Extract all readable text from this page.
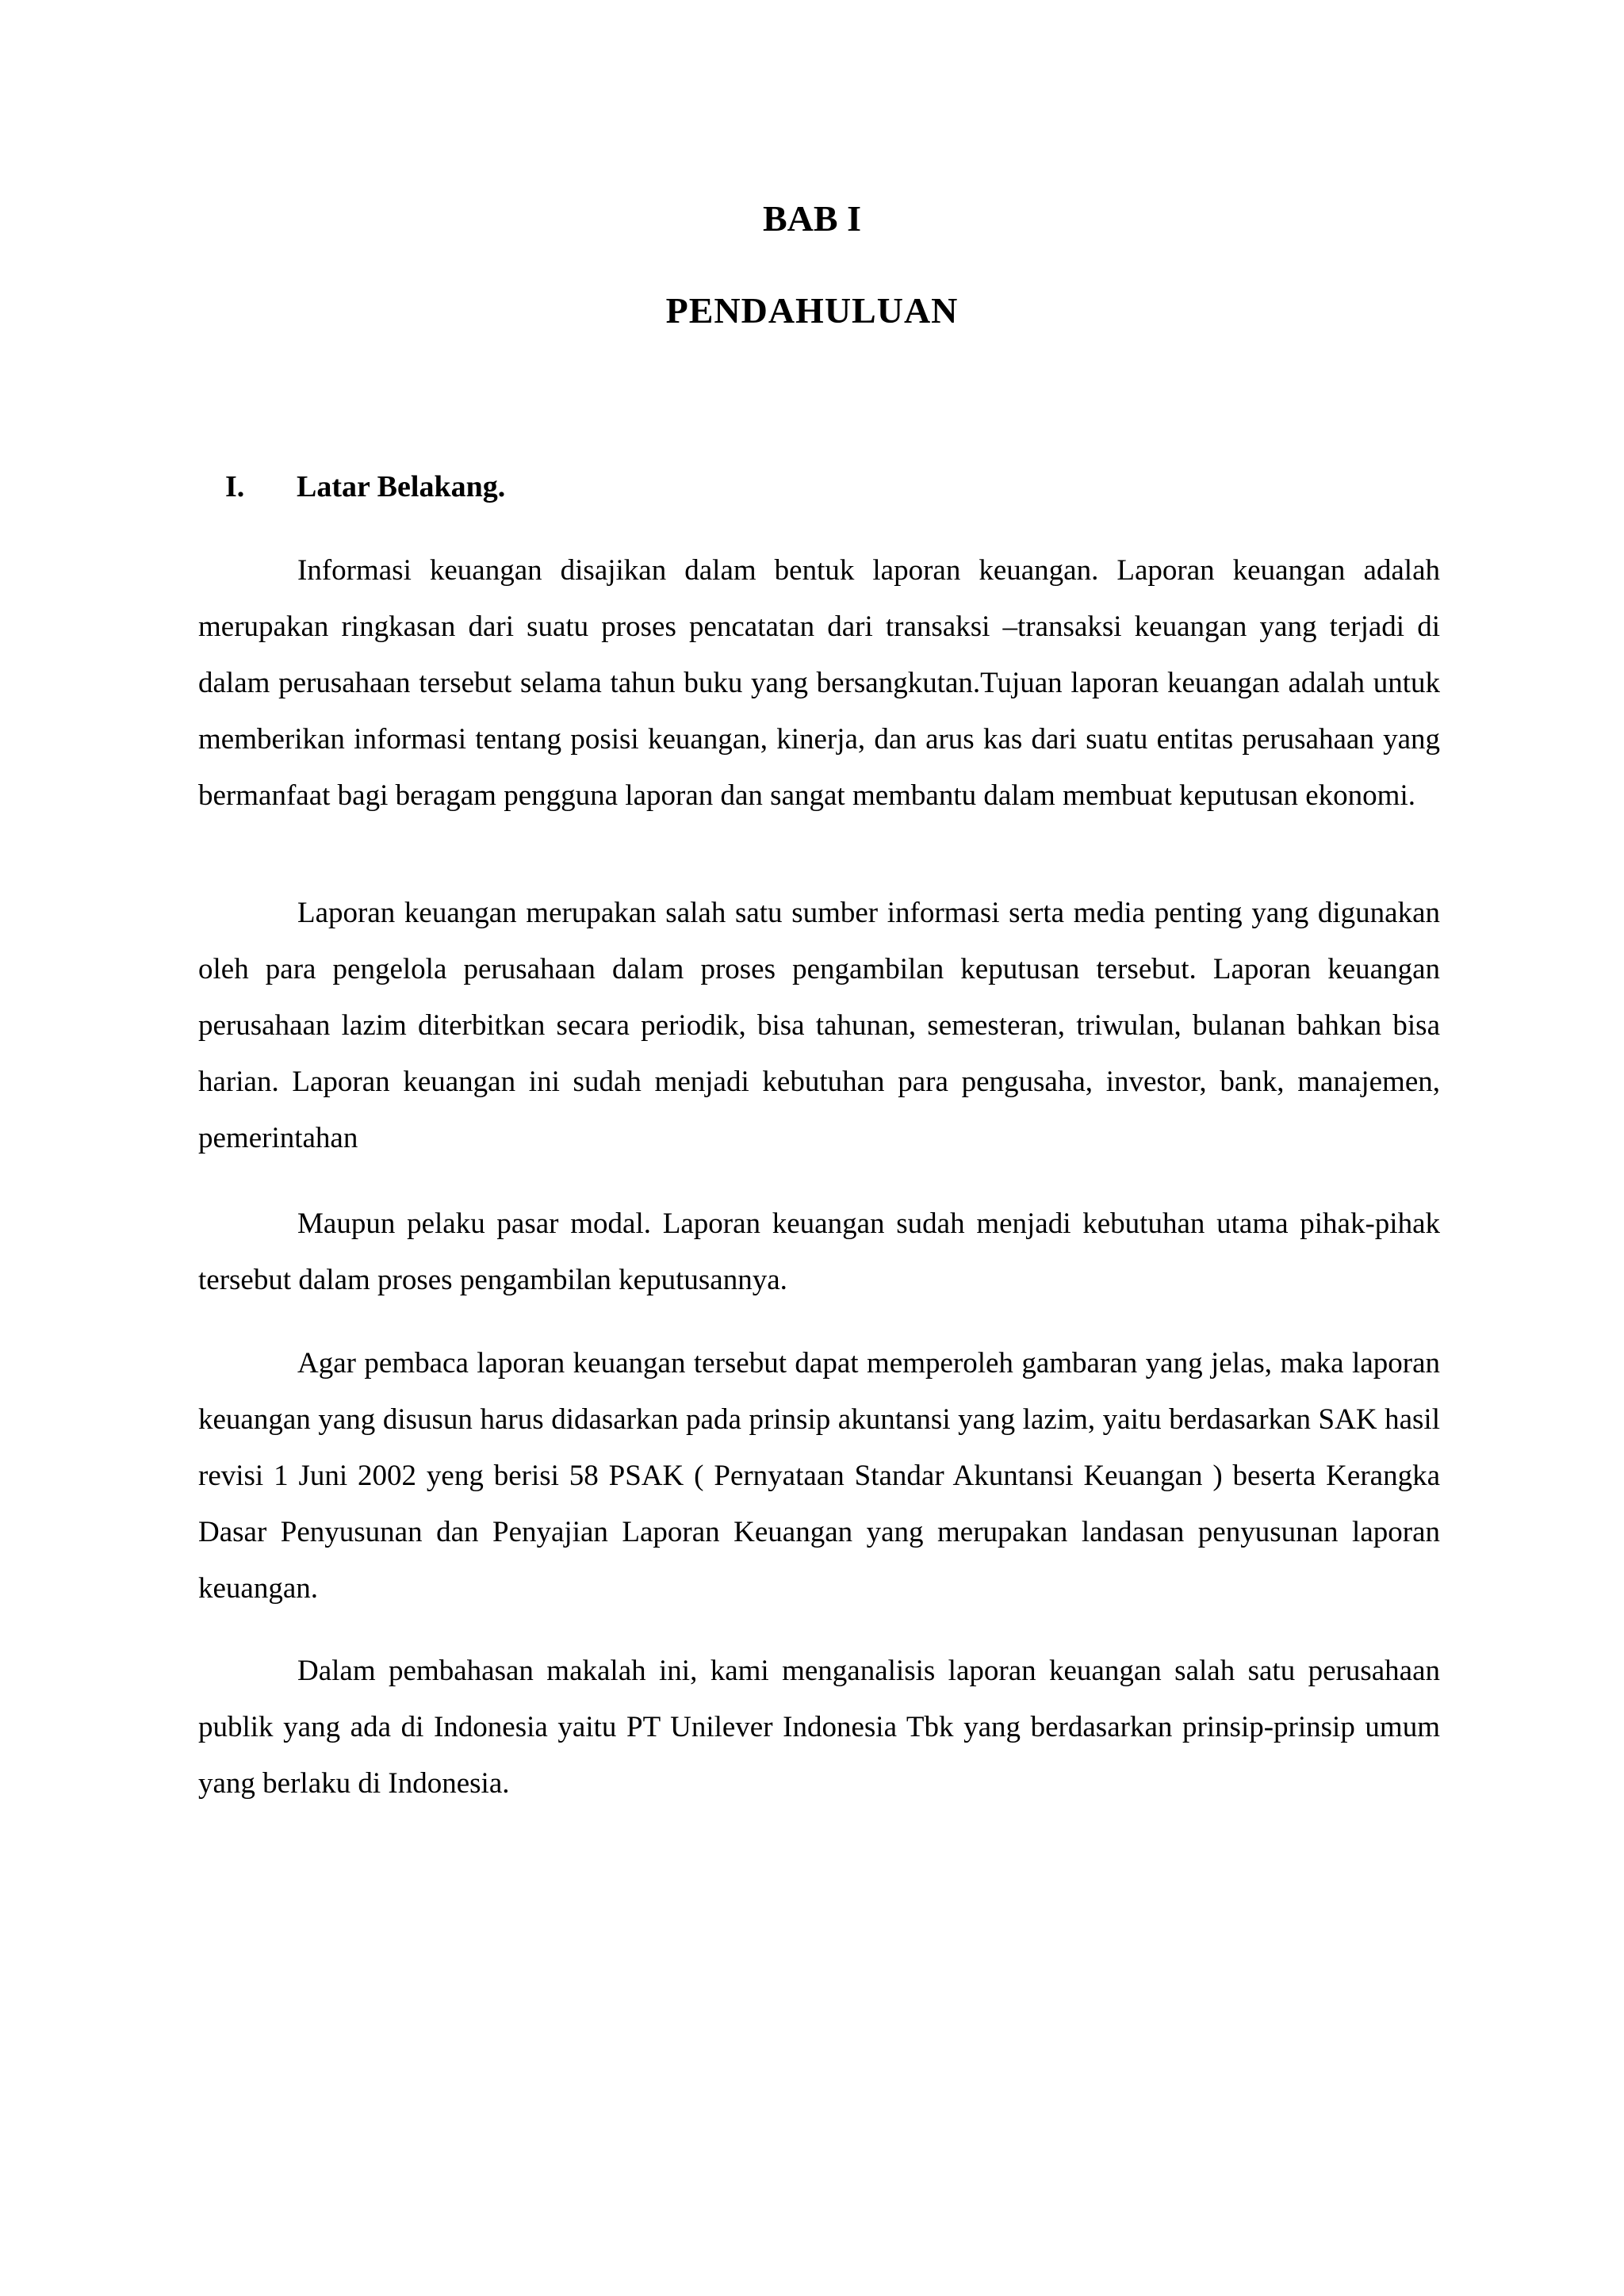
BAB I
PENDAHULUAN
I.	Latar Belakang.

Informasi keuangan disajikan dalam bentuk laporan keuangan. Laporan keuangan adalah merupakan ringkasan dari suatu proses pencatatan dari transaksi –transaksi keuangan yang terjadi di dalam perusahaan tersebut selama tahun buku yang bersangkutan.Tujuan laporan keuangan adalah untuk memberikan informasi tentang posisi keuangan, kinerja, dan arus kas dari suatu entitas perusahaan yang bermanfaat bagi beragam pengguna laporan dan sangat membantu dalam membuat keputusan ekonomi.

Laporan keuangan merupakan salah satu sumber informasi serta media penting yang digunakan oleh para pengelola perusahaan dalam proses pengambilan keputusan tersebut. Laporan keuangan perusahaan lazim diterbitkan secara periodik, bisa tahunan, semesteran, triwulan, bulanan bahkan bisa harian. Laporan keuangan ini sudah menjadi kebutuhan para pengusaha, investor, bank, manajemen, pemerintahan

Maupun pelaku pasar modal. Laporan keuangan sudah menjadi kebutuhan utama pihak-pihak tersebut dalam proses pengambilan keputusannya.

Agar pembaca laporan keuangan tersebut dapat memperoleh gambaran yang jelas, maka laporan keuangan yang disusun harus didasarkan pada prinsip akuntansi yang lazim, yaitu berdasarkan SAK hasil revisi 1 Juni 2002 yeng berisi 58 PSAK ( Pernyataan Standar Akuntansi Keuangan ) beserta Kerangka Dasar Penyusunan dan Penyajian Laporan Keuangan yang merupakan landasan penyusunan laporan keuangan.

Dalam pembahasan makalah ini, kami menganalisis laporan keuangan salah satu perusahaan publik yang ada di Indonesia yaitu PT Unilever Indonesia Tbk yang berdasarkan prinsip-prinsip umum yang berlaku di Indonesia.
